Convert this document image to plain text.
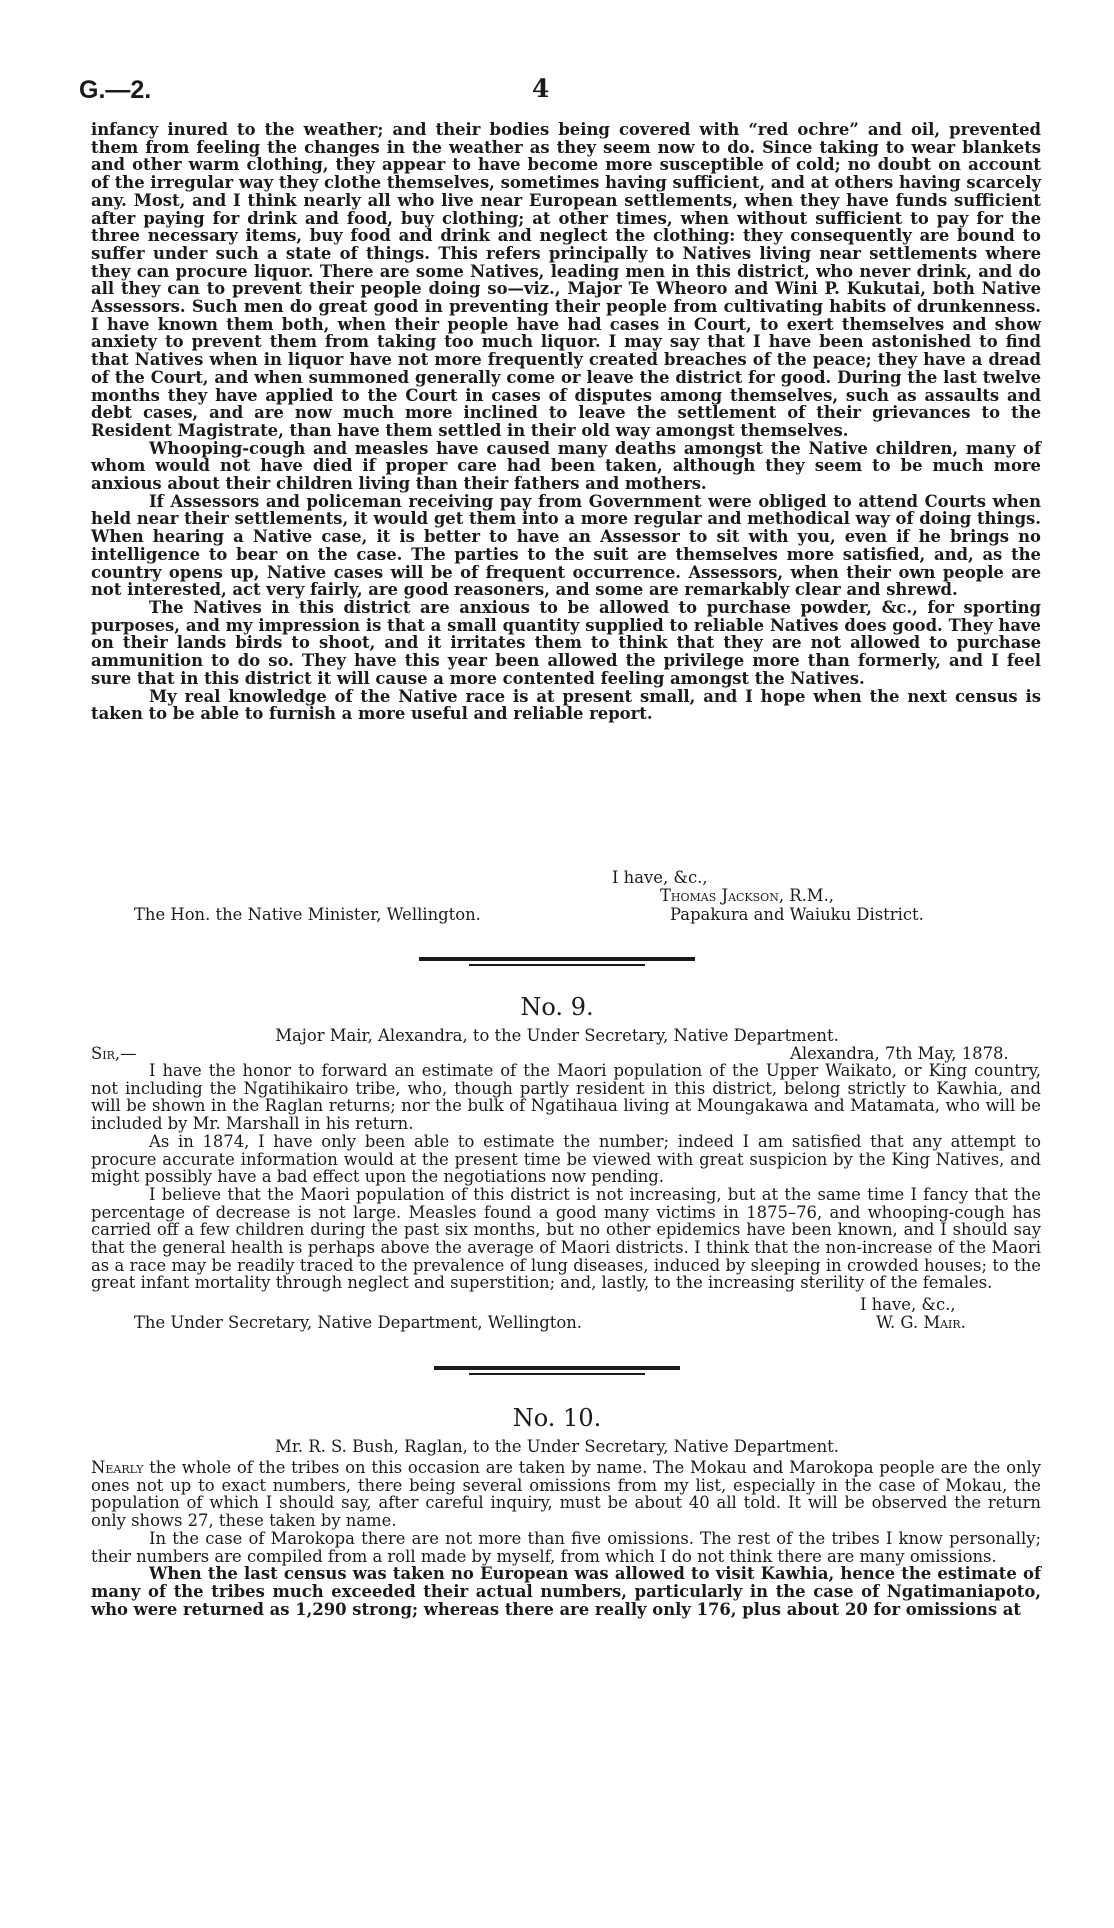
G.—2.	4

infancy inured to the weather; and their bodies being covered with “red ochre” and oil, prevented them from feeling the changes in the weather as they seem now to do. Since taking to wear blankets and other warm clothing, they appear to have become more susceptible of cold; no doubt on account of the irregular way they clothe themselves, sometimes having sufficient, and at others having scarcely any. Most, and I think nearly all who live near European settlements, when they have funds sufficient after paying for drink and food, buy clothing; at other times, when without sufficient to pay for the three necessary items, buy food and drink and neglect the clothing: they consequently are bound to suffer under such a state of things. This refers principally to Natives living near settlements where they can procure liquor. There are some Natives, leading men in this district, who never drink, and do all they can to prevent their people doing so—viz., Major Te Wheoro and Wini P. Kukutai, both Native Assessors. Such men do great good in preventing their people from cultivating habits of drunkenness. I have known them both, when their people have had cases in Court, to exert themselves and show anxiety to prevent them from taking too much liquor. I may say that I have been astonished to find that Natives when in liquor have not more frequently created breaches of the peace; they have a dread of the Court, and when summoned generally come or leave the district for good. During the last twelve months they have applied to the Court in cases of disputes among themselves, such as assaults and debt cases, and are now much more inclined to leave the settlement of their grievances to the Resident Magistrate, than have them settled in their old way amongst themselves.

Whooping-cough and measles have caused many deaths amongst the Native children, many of whom would not have died if proper care had been taken, although they seem to be much more anxious about their children living than their fathers and mothers.

If Assessors and policeman receiving pay from Government were obliged to attend Courts when held near their settlements, it would get them into a more regular and methodical way of doing things. When hearing a Native case, it is better to have an Assessor to sit with you, even if he brings no intelligence to bear on the case. The parties to the suit are themselves more satisfied, and, as the country opens up, Native cases will be of frequent occurrence. Assessors, when their own people are not interested, act very fairly, are good reasoners, and some are remarkably clear and shrewd.

The Natives in this district are anxious to be allowed to purchase powder, &c., for sporting purposes, and my impression is that a small quantity supplied to reliable Natives does good. They have on their lands birds to shoot, and it irritates them to think that they are not allowed to purchase ammunition to do so. They have this year been allowed the privilege more than formerly, and I feel sure that in this district it will cause a more contented feeling amongst the Natives.

My real knowledge of the Native race is at present small, and I hope when the next census is taken to be able to furnish a more useful and reliable report.

I have, &c.,
Thomas Jackson, R.M.,
The Hon. the Native Minister, Wellington.	Papakura and Waiuku District.
No. 9.
Major Mair, Alexandra, to the Under Secretary, Native Department.
Sir,—	Alexandra, 7th May, 1878.

I have the honor to forward an estimate of the Maori population of the Upper Waikato, or King country, not including the Ngatihikairo tribe, who, though partly resident in this district, belong strictly to Kawhia, and will be shown in the Raglan returns; nor the bulk of Ngatihaua living at Moungakawa and Matamata, who will be included by Mr. Marshall in his return.

As in 1874, I have only been able to estimate the number; indeed I am satisfied that any attempt to procure accurate information would at the present time be viewed with great suspicion by the King Natives, and might possibly have a bad effect upon the negotiations now pending.

I believe that the Maori population of this district is not increasing, but at the same time I fancy that the percentage of decrease is not large. Measles found a good many victims in 1875–76, and whooping-cough has carried off a few children during the past six months, but no other epidemics have been known, and I should say that the general health is perhaps above the average of Maori districts. I think that the non-increase of the Maori as a race may be readily traced to the prevalence of lung diseases, induced by sleeping in crowded houses; to the great infant mortality through neglect and superstition; and, lastly, to the increasing sterility of the females.

I have, &c.,
The Under Secretary, Native Department, Wellington.	W. G. Mair.
No. 10.
Mr. R. S. Bush, Raglan, to the Under Secretary, Native Department.

Nearly the whole of the tribes on this occasion are taken by name. The Mokau and Marokopa people are the only ones not up to exact numbers, there being several omissions from my list, especially in the case of Mokau, the population of which I should say, after careful inquiry, must be about 40 all told. It will be observed the return only shows 27, these taken by name.

In the case of Marokopa there are not more than five omissions. The rest of the tribes I know personally; their numbers are compiled from a roll made by myself, from which I do not think there are many omissions.

When the last census was taken no European was allowed to visit Kawhia, hence the estimate of many of the tribes much exceeded their actual numbers, particularly in the case of Ngatimaniapoto, who were returned as 1,290 strong; whereas there are really only 176, plus about 20 for omissions at
